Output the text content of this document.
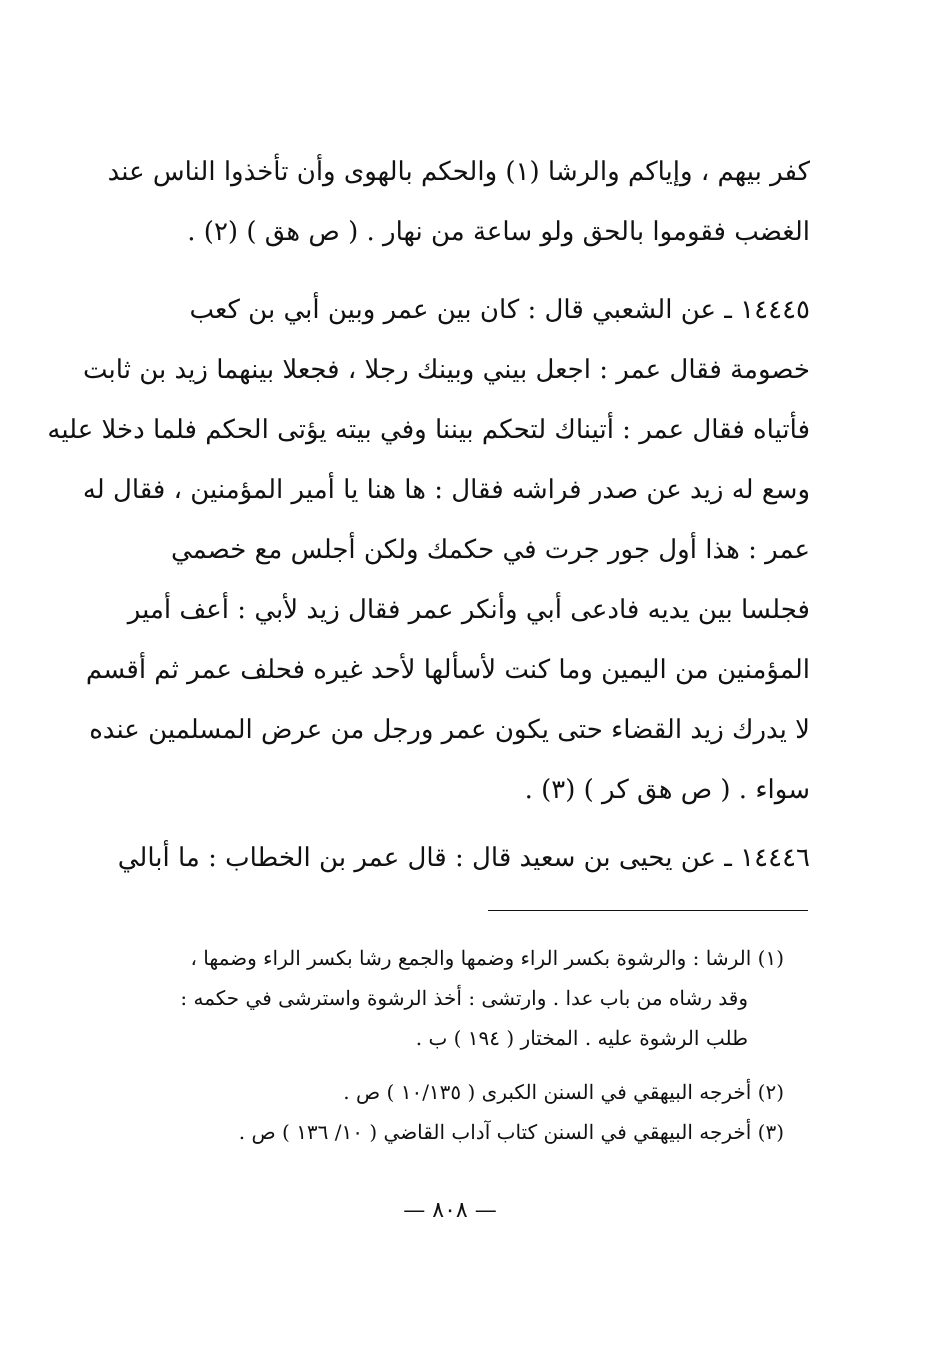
كفر بيهم ، وإياكم والرشا (١) والحكم بالهوى وأن تأخذوا الناس عند
الغضب فقوموا بالحق ولو ساعة من نهار . ( ص هق ) (٢) .
١٤٤٤٥ ـ عن الشعبي قال : كان بين عمر وبين أبي بن كعب
خصومة فقال عمر : اجعل بيني وبينك رجلا ، فجعلا بينهما زيد بن ثابت
فأتياه فقال عمر : أتيناك لتحكم بيننا وفي بيته يؤتى الحكم فلما دخلا عليه
وسع له زيد عن صدر فراشه فقال : ها هنا يا أمير المؤمنين ، فقال له
عمر : هذا أول جور جرت في حكمك ولكن أجلس مع خصمي
فجلسا بين يديه فادعى أبي وأنكر عمر فقال زيد لأبي : أعف أمير
المؤمنين من اليمين وما كنت لأسألها لأحد غيره فحلف عمر ثم أقسم
لا يدرك زيد القضاء حتى يكون عمر ورجل من عرض المسلمين عنده
سواء . ( ص هق كر ) (٣) .
١٤٤٤٦ ـ عن يحيى بن سعيد قال : قال عمر بن الخطاب : ما أبالي
(١) الرشا : والرشوة بكسر الراء وضمها والجمع رشا بكسر الراء وضمها ،
وقد رشاه من باب عدا . وارتشى : أخذ الرشوة واسترشى في حكمه :
طلب الرشوة عليه . المختار ( ١٩٤ ) ب .
(٢) أخرجه البيهقي في السنن الكبرى ( ١٠/١٣٥ ) ص .
(٣) أخرجه البيهقي في السنن كتاب آداب القاضي ( ١٠/ ١٣٦ ) ص .
— ٨٠٨ —
